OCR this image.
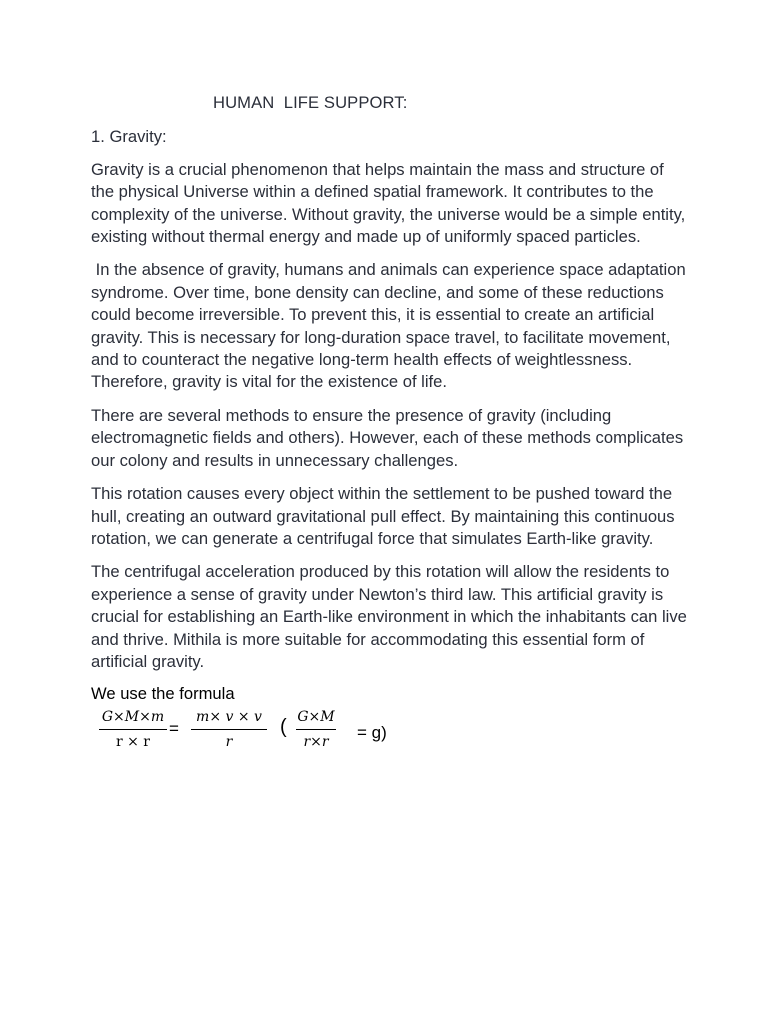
HUMAN  LIFE SUPPORT:
1. Gravity:

Gravity is a crucial phenomenon that helps maintain the mass and structure of the physical Universe within a defined spatial framework. It contributes to the complexity of the universe. Without gravity, the universe would be a simple entity, existing without thermal energy and made up of uniformly spaced particles.

In the absence of gravity, humans and animals can experience space adaptation syndrome. Over time, bone density can decline, and some of these reductions could become irreversible. To prevent this, it is essential to create an artificial gravity. This is necessary for long-duration space travel, to facilitate movement, and to counteract the negative long-term health effects of weightlessness. Therefore, gravity is vital for the existence of life.

There are several methods to ensure the presence of gravity (including electromagnetic fields and others). However, each of these methods complicates our colony and results in unnecessary challenges.

This rotation causes every object within the settlement to be pushed toward the hull, creating an outward gravitational pull effect. By maintaining this continuous rotation, we can generate a centrifugal force that simulates Earth-like gravity.

The centrifugal acceleration produced by this rotation will allow the residents to experience a sense of gravity under Newton’s third law. This artificial gravity is crucial for establishing an Earth-like environment in which the inhabitants can live and thrive. Mithila is more suitable for accommodating this essential form of artificial gravity.

We use the formula

G×M×m
r × r
=
m× v × v
r
( G×M
r×r	= g)
